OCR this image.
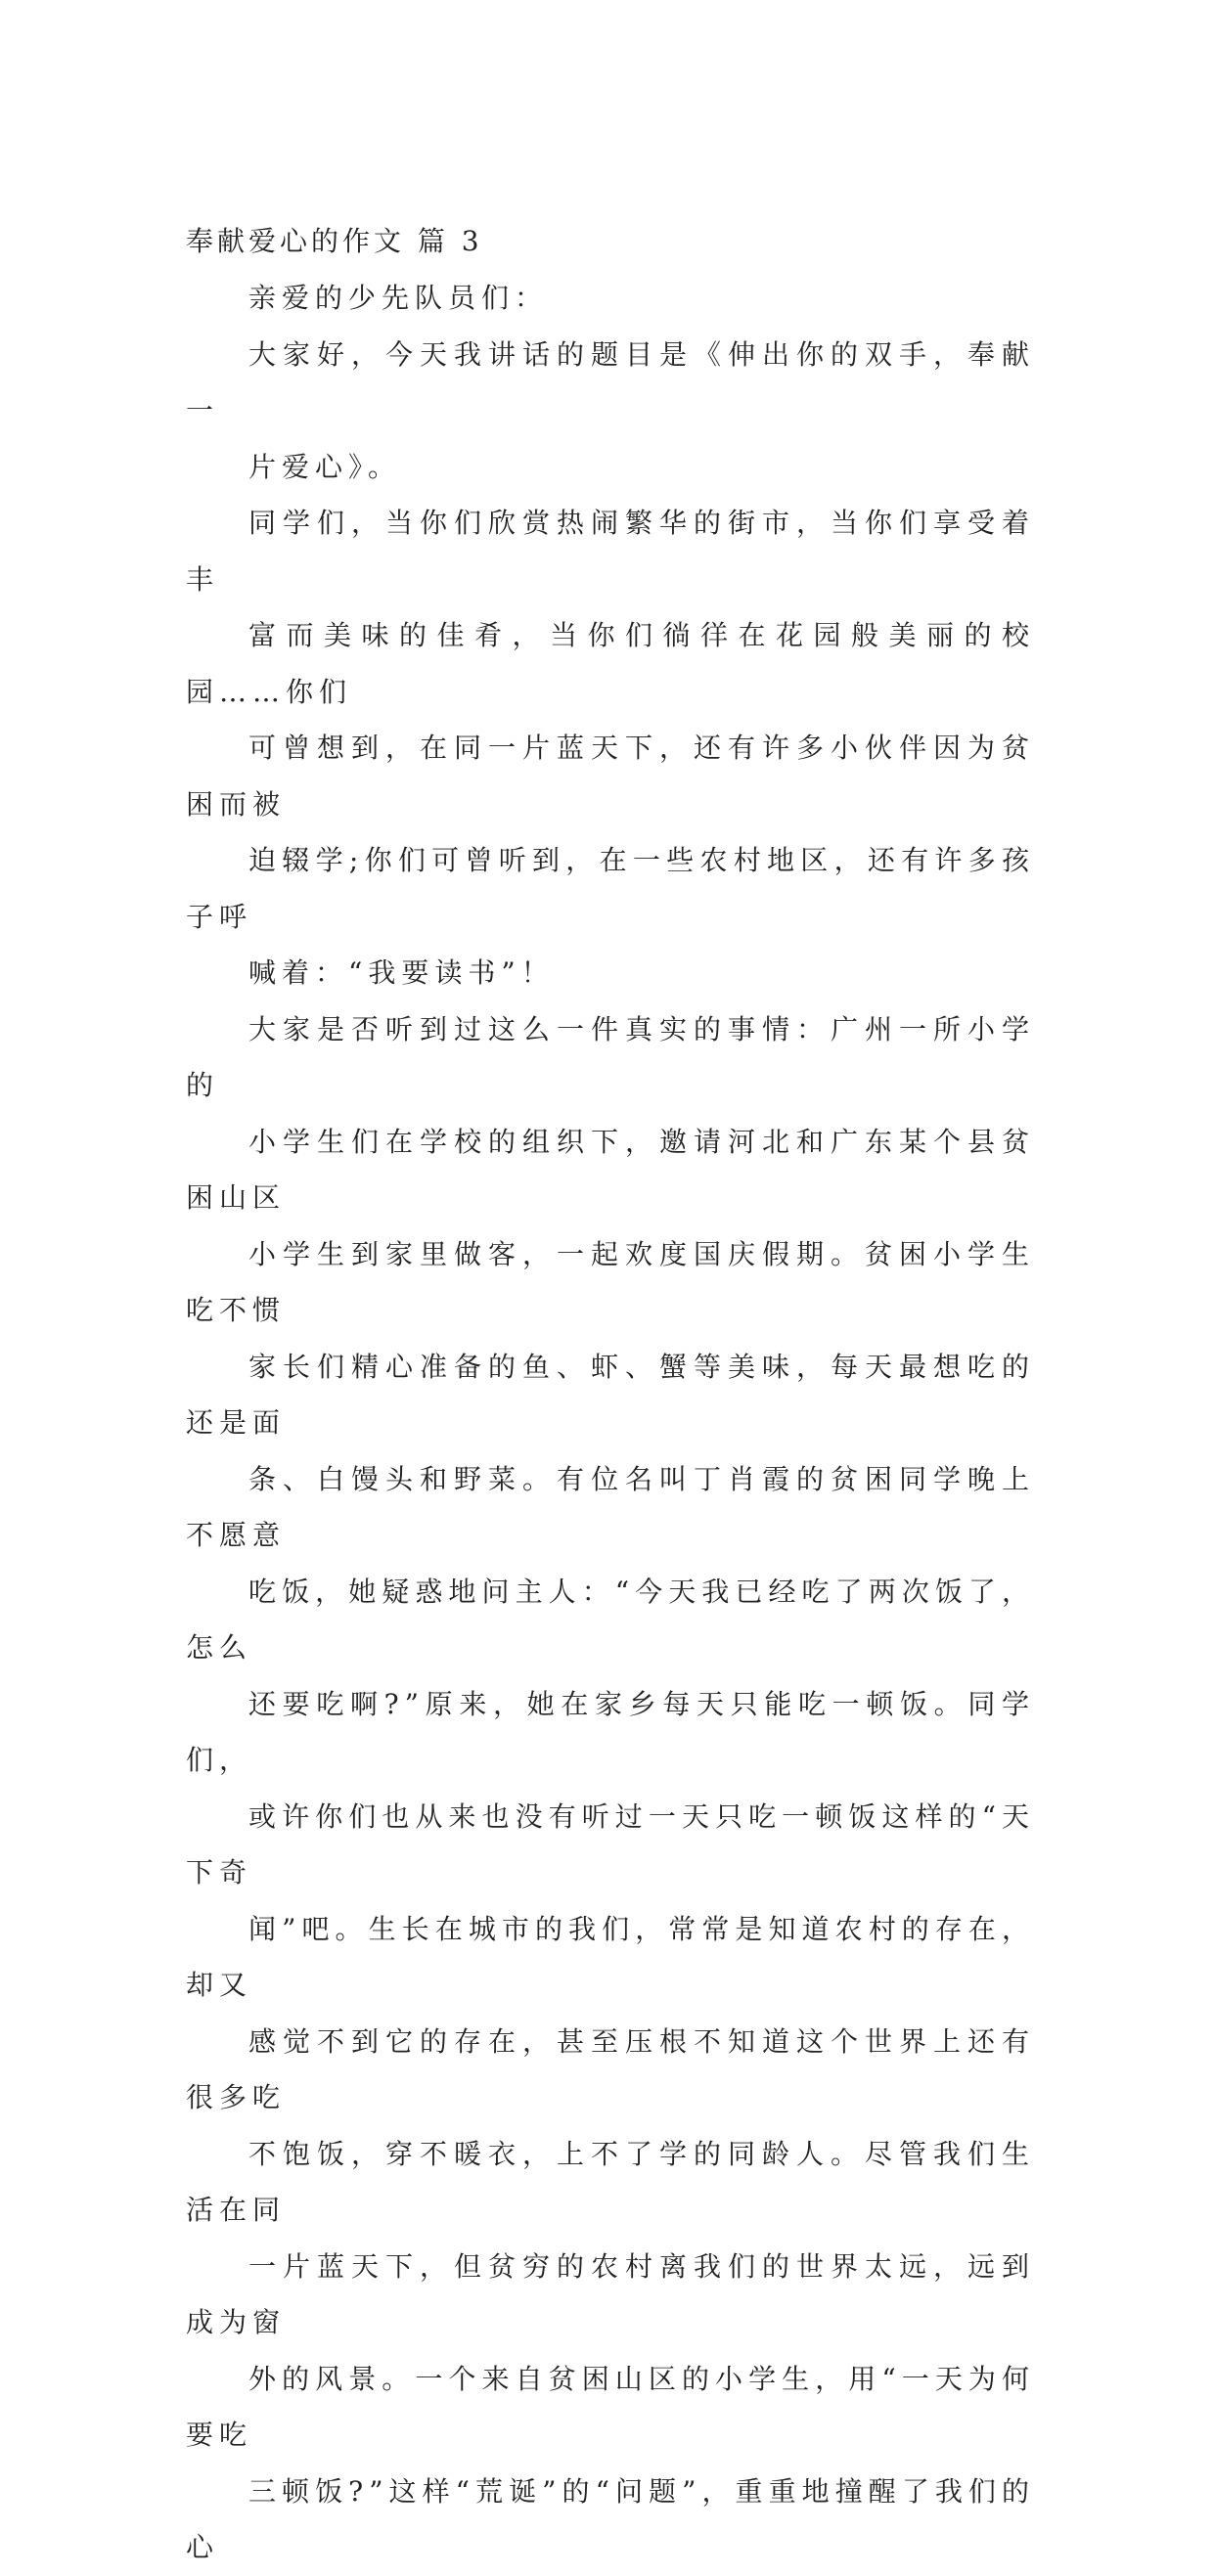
奉献爱心的作文 篇 3

亲爱的少先队员们：

大家好，今天我讲话的题目是《伸出你的双手，奉献一
片爱心》。

同学们，当你们欣赏热闹繁华的街市，当你们享受着丰
富而美味的佳肴，当你们徜徉在花园般美丽的校园……你们
可曾想到，在同一片蓝天下，还有许多小伙伴因为贫困而被
迫辍学;你们可曾听到，在一些农村地区，还有许多孩子呼
喊着：“我要读书”！

大家是否听到过这么一件真实的事情：广州一所小学的
小学生们在学校的组织下，邀请河北和广东某个县贫困山区
小学生到家里做客，一起欢度国庆假期。贫困小学生吃不惯
家长们精心准备的鱼、虾、蟹等美味，每天最想吃的还是面
条、白馒头和野菜。有位名叫丁肖霞的贫困同学晚上不愿意
吃饭，她疑惑地问主人：“今天我已经吃了两次饭了，怎么
还要吃啊?”原来，她在家乡每天只能吃一顿饭。同学们，
或许你们也从来也没有听过一天只吃一顿饭这样的“天下奇
闻”吧。生长在城市的我们，常常是知道农村的存在，却又
感觉不到它的存在，甚至压根不知道这个世界上还有很多吃
不饱饭，穿不暖衣，上不了学的同龄人。尽管我们生活在同
一片蓝天下，但贫穷的农村离我们的世界太远，远到成为窗
外的风景。一个来自贫困山区的小学生，用“一天为何要吃
三顿饭?”这样“荒诞”的“问题”，重重地撞醒了我们的心
